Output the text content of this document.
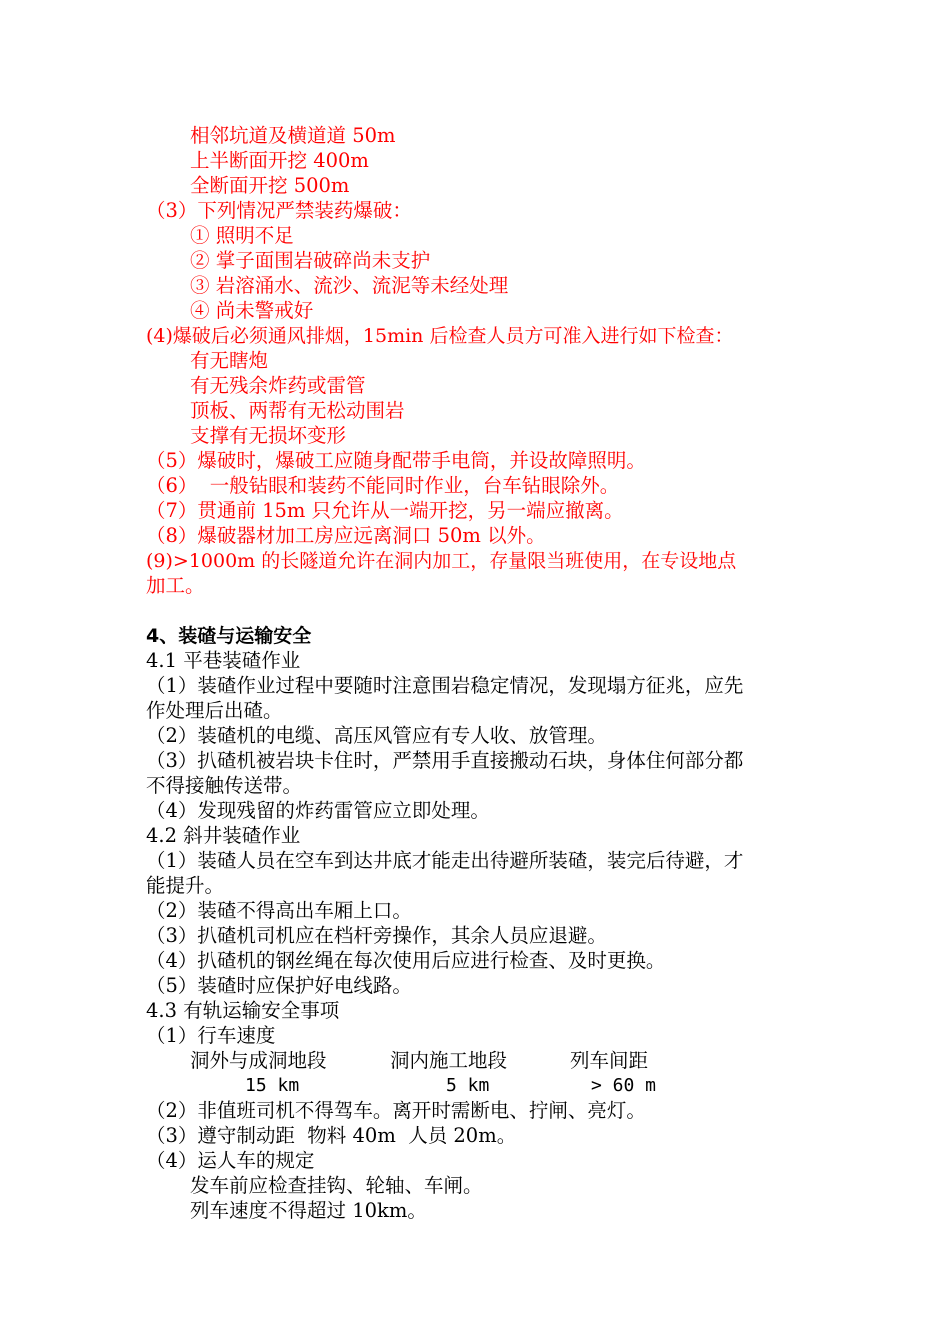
相邻坑道及横道道 50m
上半断面开挖 400m
全断面开挖 500m
（3）下列情况严禁装药爆破：
① 照明不足
② 掌子面围岩破碎尚未支护
③ 岩溶涌水、流沙、流泥等未经处理
④ 尚未警戒好
(4)爆破后必须通风排烟，15min 后检查人员方可准入进行如下检查：
有无瞎炮
有无残余炸药或雷管
顶板、两帮有无松动围岩
支撑有无损坏变形
（5）爆破时，爆破工应随身配带手电筒，并设故障照明。
（6）  一般钻眼和装药不能同时作业，台车钻眼除外。
（7）贯通前 15m 只允许从一端开挖，另一端应撤离。
（8）爆破器材加工房应远离洞口 50m 以外。
(9)>1000m 的长隧道允许在洞内加工，存量限当班使用，在专设地点
加工。
4、装碴与运输安全
4.1 平巷装碴作业
（1）装碴作业过程中要随时注意围岩稳定情况，发现塌方征兆，应先
作处理后出碴。
（2）装碴机的电缆、高压风管应有专人收、放管理。
（3）扒碴机被岩块卡住时，严禁用手直接搬动石块，身体住何部分都
不得接触传送带。
（4）发现残留的炸药雷管应立即处理。
4.2 斜井装碴作业
（1）装碴人员在空车到达井底才能走出待避所装碴，装完后待避，才
能提升。
（2）装碴不得高出车厢上口。
（3）扒碴机司机应在档杆旁操作，其余人员应退避。
（4）扒碴机的钢丝绳在每次使用后应进行检查、及时更换。
（5）装碴时应保护好电线路。
4.3 有轨运输安全事项
（1）行车速度
洞外与成洞地段	洞内施工地段	列车间距
15 km	5 km	> 60 m
（2）非值班司机不得驾车。离开时需断电、拧闸、亮灯。
（3）遵守制动距  物料 40m  人员 20m。
（4）运人车的规定
发车前应检查挂钩、轮轴、车闸。
列车速度不得超过 10km。
